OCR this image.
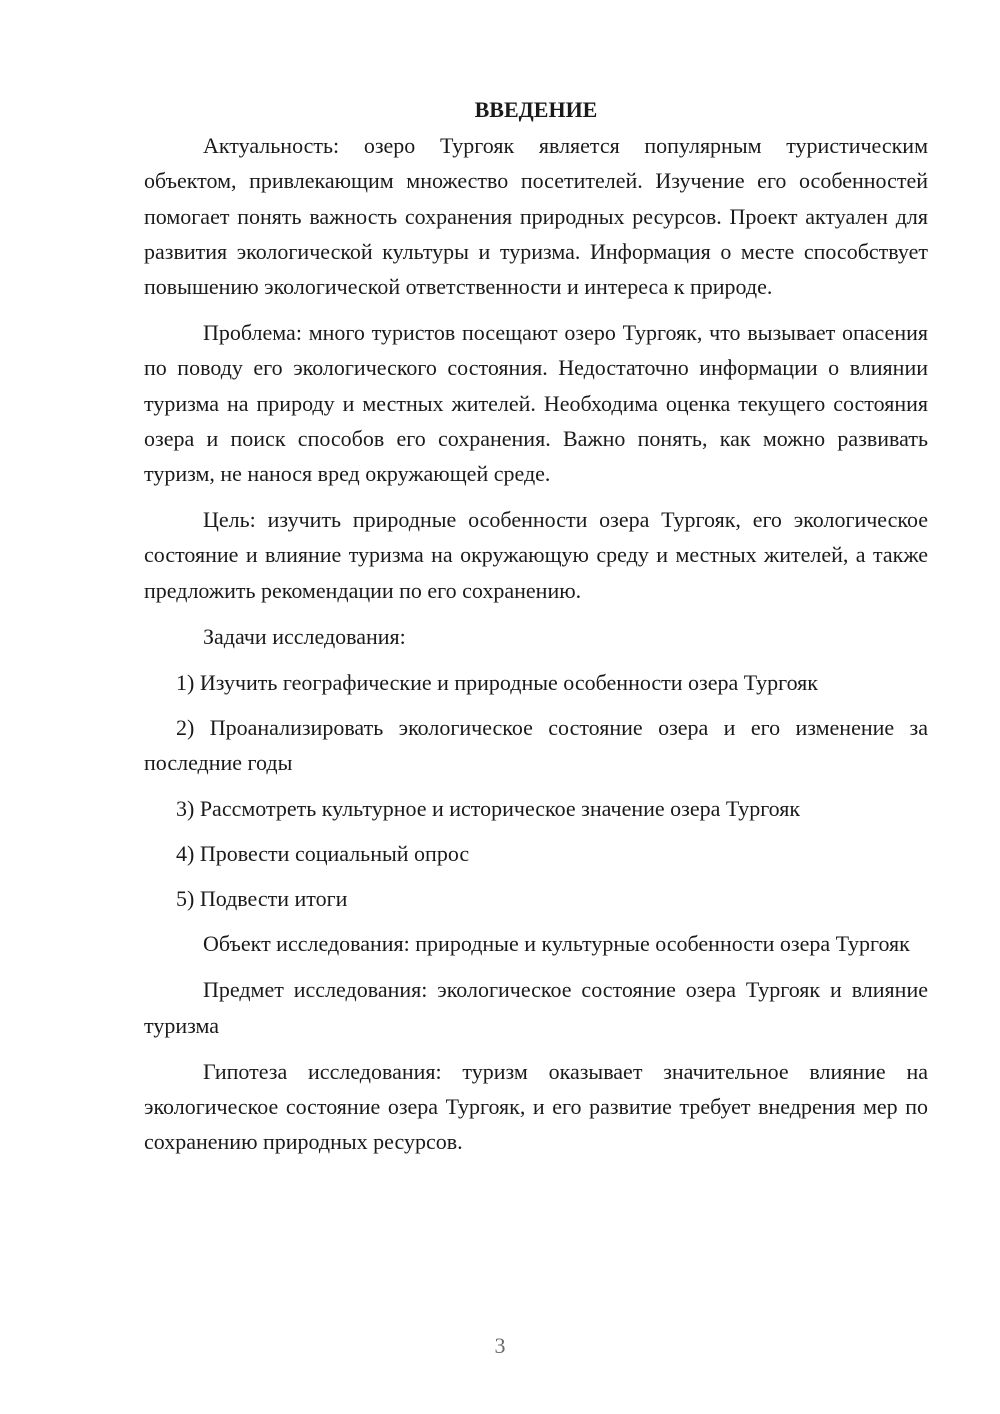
ВВЕДЕНИЕ

Актуальность: озеро Тургояк является популярным туристическим объектом, привлекающим множество посетителей. Изучение его особенностей помогает понять важность сохранения природных ресурсов. Проект актуален для развития экологической культуры и туризма. Информация о месте способствует повышению экологической ответственности и интереса к природе.

Проблема: много туристов посещают озеро Тургояк, что вызывает опасения по поводу его экологического состояния. Недостаточно информации о влиянии туризма на природу и местных жителей. Необходима оценка текущего состояния озера и поиск способов его сохранения. Важно понять, как можно развивать туризм, не нанося вред окружающей среде.

Цель: изучить природные особенности озера Тургояк, его экологическое состояние и влияние туризма на окружающую среду и местных жителей, а также предложить рекомендации по его сохранению.

Задачи исследования:

1) Изучить географические и природные особенности озера Тургояк

2) Проанализировать экологическое состояние озера и его изменение за последние годы

3) Рассмотреть культурное и историческое значение озера Тургояк

4) Провести социальный опрос

5) Подвести итоги

Объект исследования: природные и культурные особенности озера Тургояк

Предмет исследования: экологическое состояние озера Тургояк и влияние туризма

Гипотеза исследования: туризм оказывает значительное влияние на экологическое состояние озера Тургояк, и его развитие требует внедрения мер по сохранению природных ресурсов.

3
